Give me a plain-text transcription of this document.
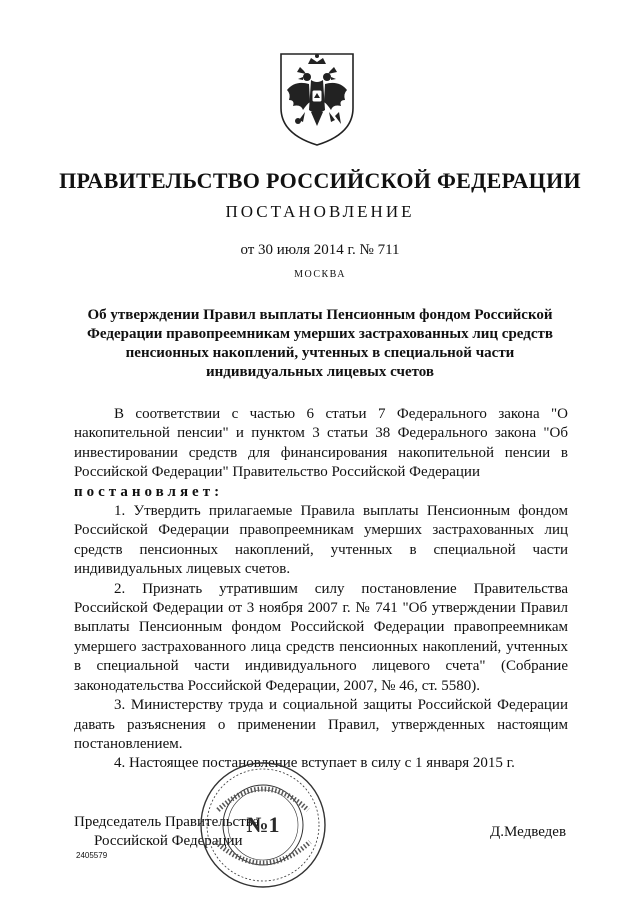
ПРАВИТЕЛЬСТВО РОССИЙСКОЙ ФЕДЕРАЦИИ
ПОСТАНОВЛЕНИЕ
от 30 июля 2014 г. № 711
МОСКВА
Об утверждении Правил выплаты Пенсионным фондом Российской Федерации правопреемникам умерших застрахованных лиц средств пенсионных накоплений, учтенных в специальной части индивидуальных лицевых счетов

В соответствии с частью 6 статьи 7 Федерального закона "О накопительной пенсии" и пунктом 3 статьи 38 Федерального закона "Об инвестировании средств для финансирования накопительной пенсии в Российской Федерации" Правительство Российской Федерации

постановляет:

1. Утвердить прилагаемые Правила выплаты Пенсионным фондом Российской Федерации правопреемникам умерших застрахованных лиц средств пенсионных накоплений, учтенных в специальной части индивидуальных лицевых счетов.

2. Признать утратившим силу постановление Правительства Российской Федерации от 3 ноября 2007 г. № 741 "Об утверждении Правил выплаты Пенсионным фондом Российской Федерации правопреемникам умершего застрахованного лица средств пенсионных накоплений, учтенных в специальной части индивидуального лицевого счета" (Собрание законодательства Российской Федерации, 2007, № 46, ст. 5580).

3. Министерству труда и социальной защиты Российской Федерации давать разъяснения о применении Правил, утвержденных настоящим постановлением.

4. Настоящее постановление вступает в силу с 1 января 2015 г.

Председатель Правительства
Российской Федерации
Д.Медведев
№1
2405579
